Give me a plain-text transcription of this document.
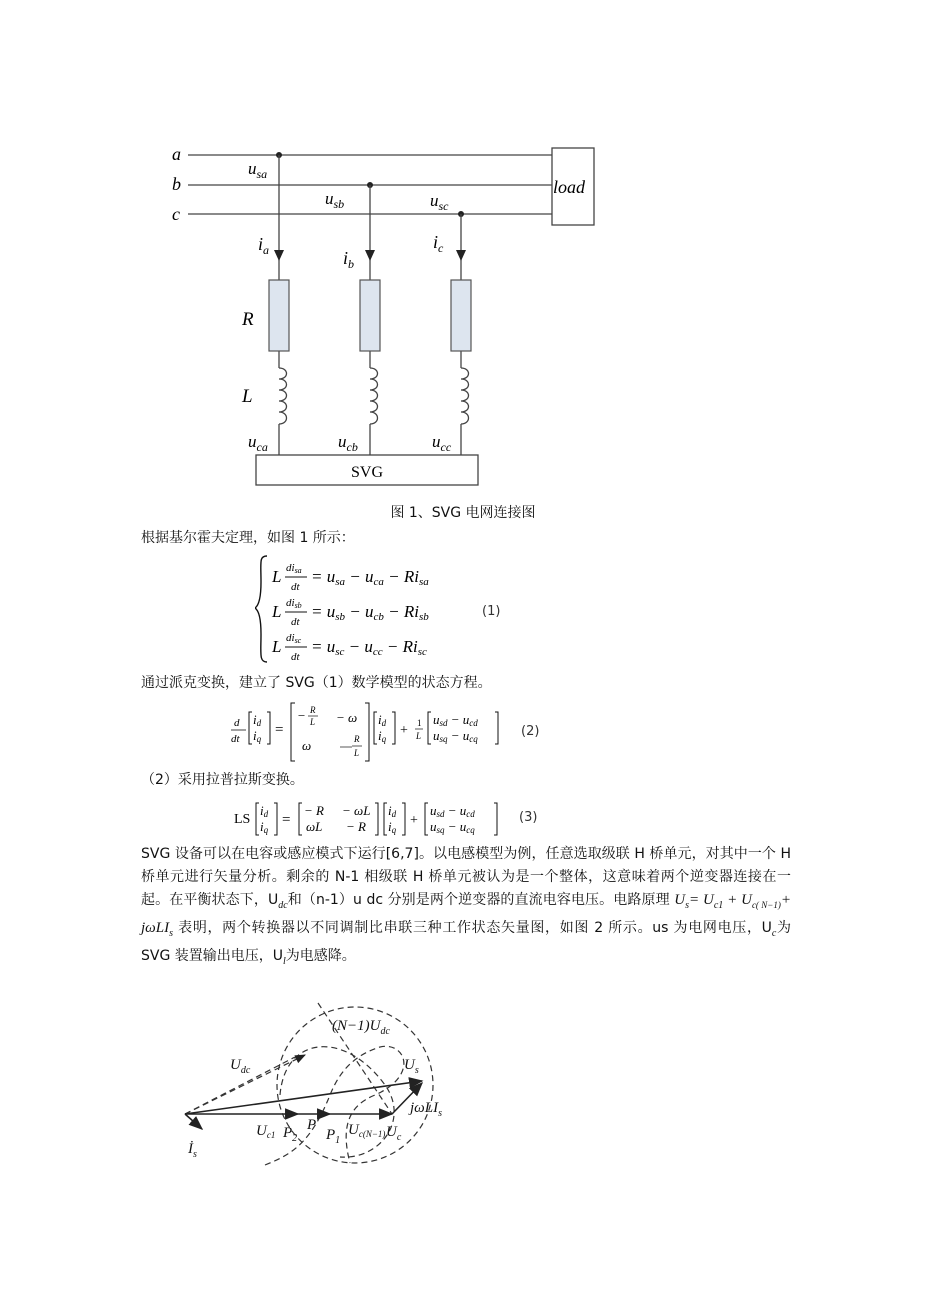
a
b
c
load
$u_{sa}$
$u_{sb}$	$u_{sc}$
$i_a$	$i_b$
$i_c$
R
L
$u_{ca}$	$u_{cb}$	$u_{cc}$
SVG
图 1、SVG 电网连接图
根据基尔霍夫定理，如图 1 所示：
L disa
dt
= usa − uca − Risa
L disb
dt
= usb − ucb − Risb
L disc
dt
= usc − ucc − Risc
(1)
通过派克变换，建立了 SVG（1）数学模型的状态方程。
d
dt
id
iq
=
− R
L − ω
ω	R
L
id
iq
+ 1
L
usd − ucd
usq − ucq	(2)
（2）采用拉普拉斯变换。
LS
id
iq
=
− R − ωL
ωL − R
id
iq
+
usd − ucd
usq − ucq
(3)
SVG 设备可以在电容或感应模式下运行[6,7]。以电感模型为例，任意选取级联 H 桥单元，对其中一个 H 桥单元进行矢量分析。剩余的 N-1 相级联 H 桥单元被认为是一个整体，这意味着两个逆变器连接在一起。在平衡状态下，$U_{dc}$和（n-1）u dc 分别是两个逆变器的直流电容电压。电路原理 $U_s= U_{c1} + U_{c( N-1)}+ j\omega LI_s$ 表明，两个转换器以不同调制比串联三种工作状态矢量图，如图 2 所示。us 为电网电压，$U_c$为 SVG 装置输出电压，$U_l$为电感降。
$(N-1)U_{dc}$
$U_{dc}$	$U_s$
jωLI$_s$
$U_{c1}$ $P_2$
P
$P_1$
$U_{c(N-1)}$ $U_c$
$İ_s$
